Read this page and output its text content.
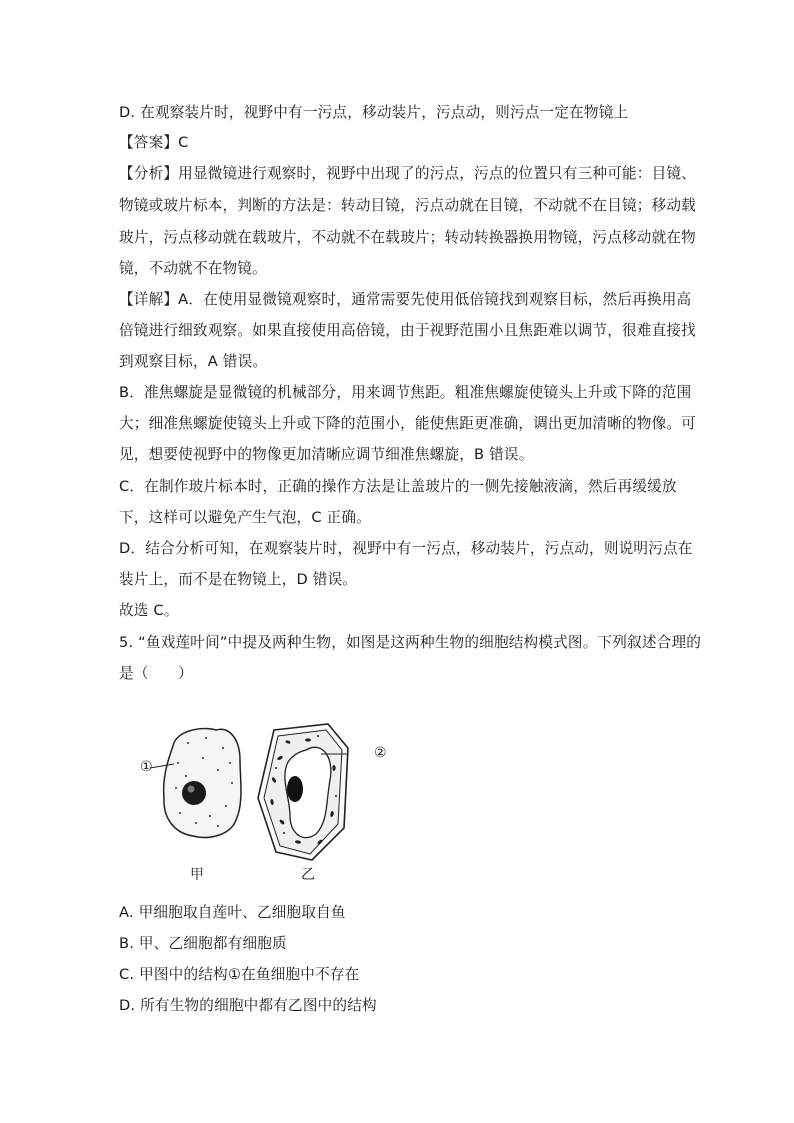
D. 在观察装片时，视野中有一污点，移动装片，污点动，则污点一定在物镜上
【答案】C
【分析】用显微镜进行观察时，视野中出现了的污点，污点的位置只有三种可能：目镜、
物镜或玻片标本，判断的方法是：转动目镜，污点动就在目镜，不动就不在目镜；移动载
玻片，污点移动就在载玻片，不动就不在载玻片；转动转换器换用物镜，污点移动就在物
镜，不动就不在物镜。
【详解】A．在使用显微镜观察时，通常需要先使用低倍镜找到观察目标，然后再换用高
倍镜进行细致观察。如果直接使用高倍镜，由于视野范围小且焦距难以调节，很难直接找
到观察目标，A 错误。
B．准焦螺旋是显微镜的机械部分，用来调节焦距。粗准焦螺旋使镜头上升或下降的范围
大；细准焦螺旋使镜头上升或下降的范围小，能使焦距更准确，调出更加清晰的物像。可
见，想要使视野中的物像更加清晰应调节细准焦螺旋，B 错误。
C．在制作玻片标本时，正确的操作方法是让盖玻片的一侧先接触液滴，然后再缓缓放
下，这样可以避免产生气泡，C 正确。
D．结合分析可知，在观察装片时，视野中有一污点，移动装片，污点动，则说明污点在
装片上，而不是在物镜上，D 错误。
故选 C。
5. “鱼戏莲叶间”中提及两种生物，如图是这两种生物的细胞结构模式图。下列叙述合理的
是（　　）
①
②
甲	乙
A. 甲细胞取自莲叶、乙细胞取自鱼
B. 甲、乙细胞都有细胞质
C. 甲图中的结构①在鱼细胞中不存在
D. 所有生物的细胞中都有乙图中的结构
